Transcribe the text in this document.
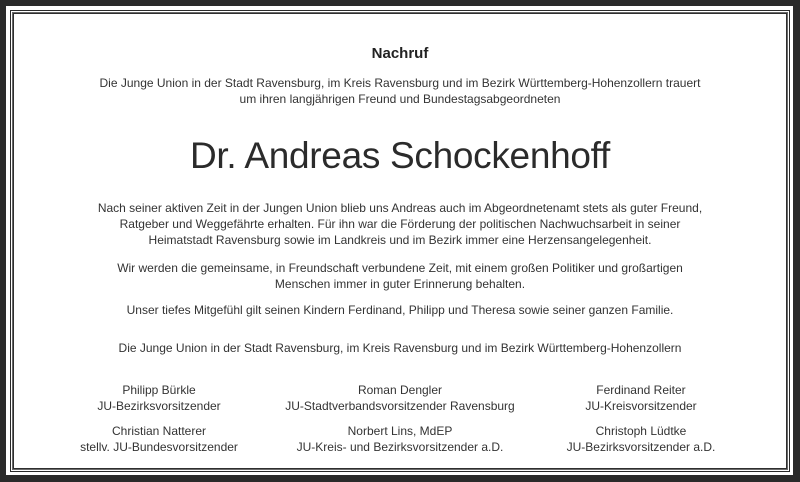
Nachruf
Die Junge Union in der Stadt Ravensburg, im Kreis Ravensburg und im Bezirk Württemberg-Hohenzollern trauert
um ihren langjährigen Freund und Bundestagsabgeordneten
Dr. Andreas Schockenhoff
Nach seiner aktiven Zeit in der Jungen Union blieb uns Andreas auch im Abgeordnetenamt stets als guter Freund,
Ratgeber und Weggefährte erhalten. Für ihn war die Förderung der politischen Nachwuchsarbeit in seiner
Heimatstadt Ravensburg sowie im Landkreis und im Bezirk immer eine Herzensangelegenheit.
Wir werden die gemeinsame, in Freundschaft verbundene Zeit, mit einem großen Politiker und großartigen
Menschen immer in guter Erinnerung behalten.
Unser tiefes Mitgefühl gilt seinen Kindern Ferdinand, Philipp und Theresa sowie seiner ganzen Familie.
Die Junge Union in der Stadt Ravensburg, im Kreis Ravensburg und im Bezirk Württemberg-Hohenzollern
Philipp Bürkle
JU-Bezirksvorsitzender
Roman Dengler
JU-Stadtverbandsvorsitzender Ravensburg
Ferdinand Reiter
JU-Kreisvorsitzender
Christian Natterer
stellv. JU-Bundesvorsitzender
Norbert Lins, MdEP
JU-Kreis- und Bezirksvorsitzender a.D.
Christoph Lüdtke
JU-Bezirksvorsitzender a.D.
